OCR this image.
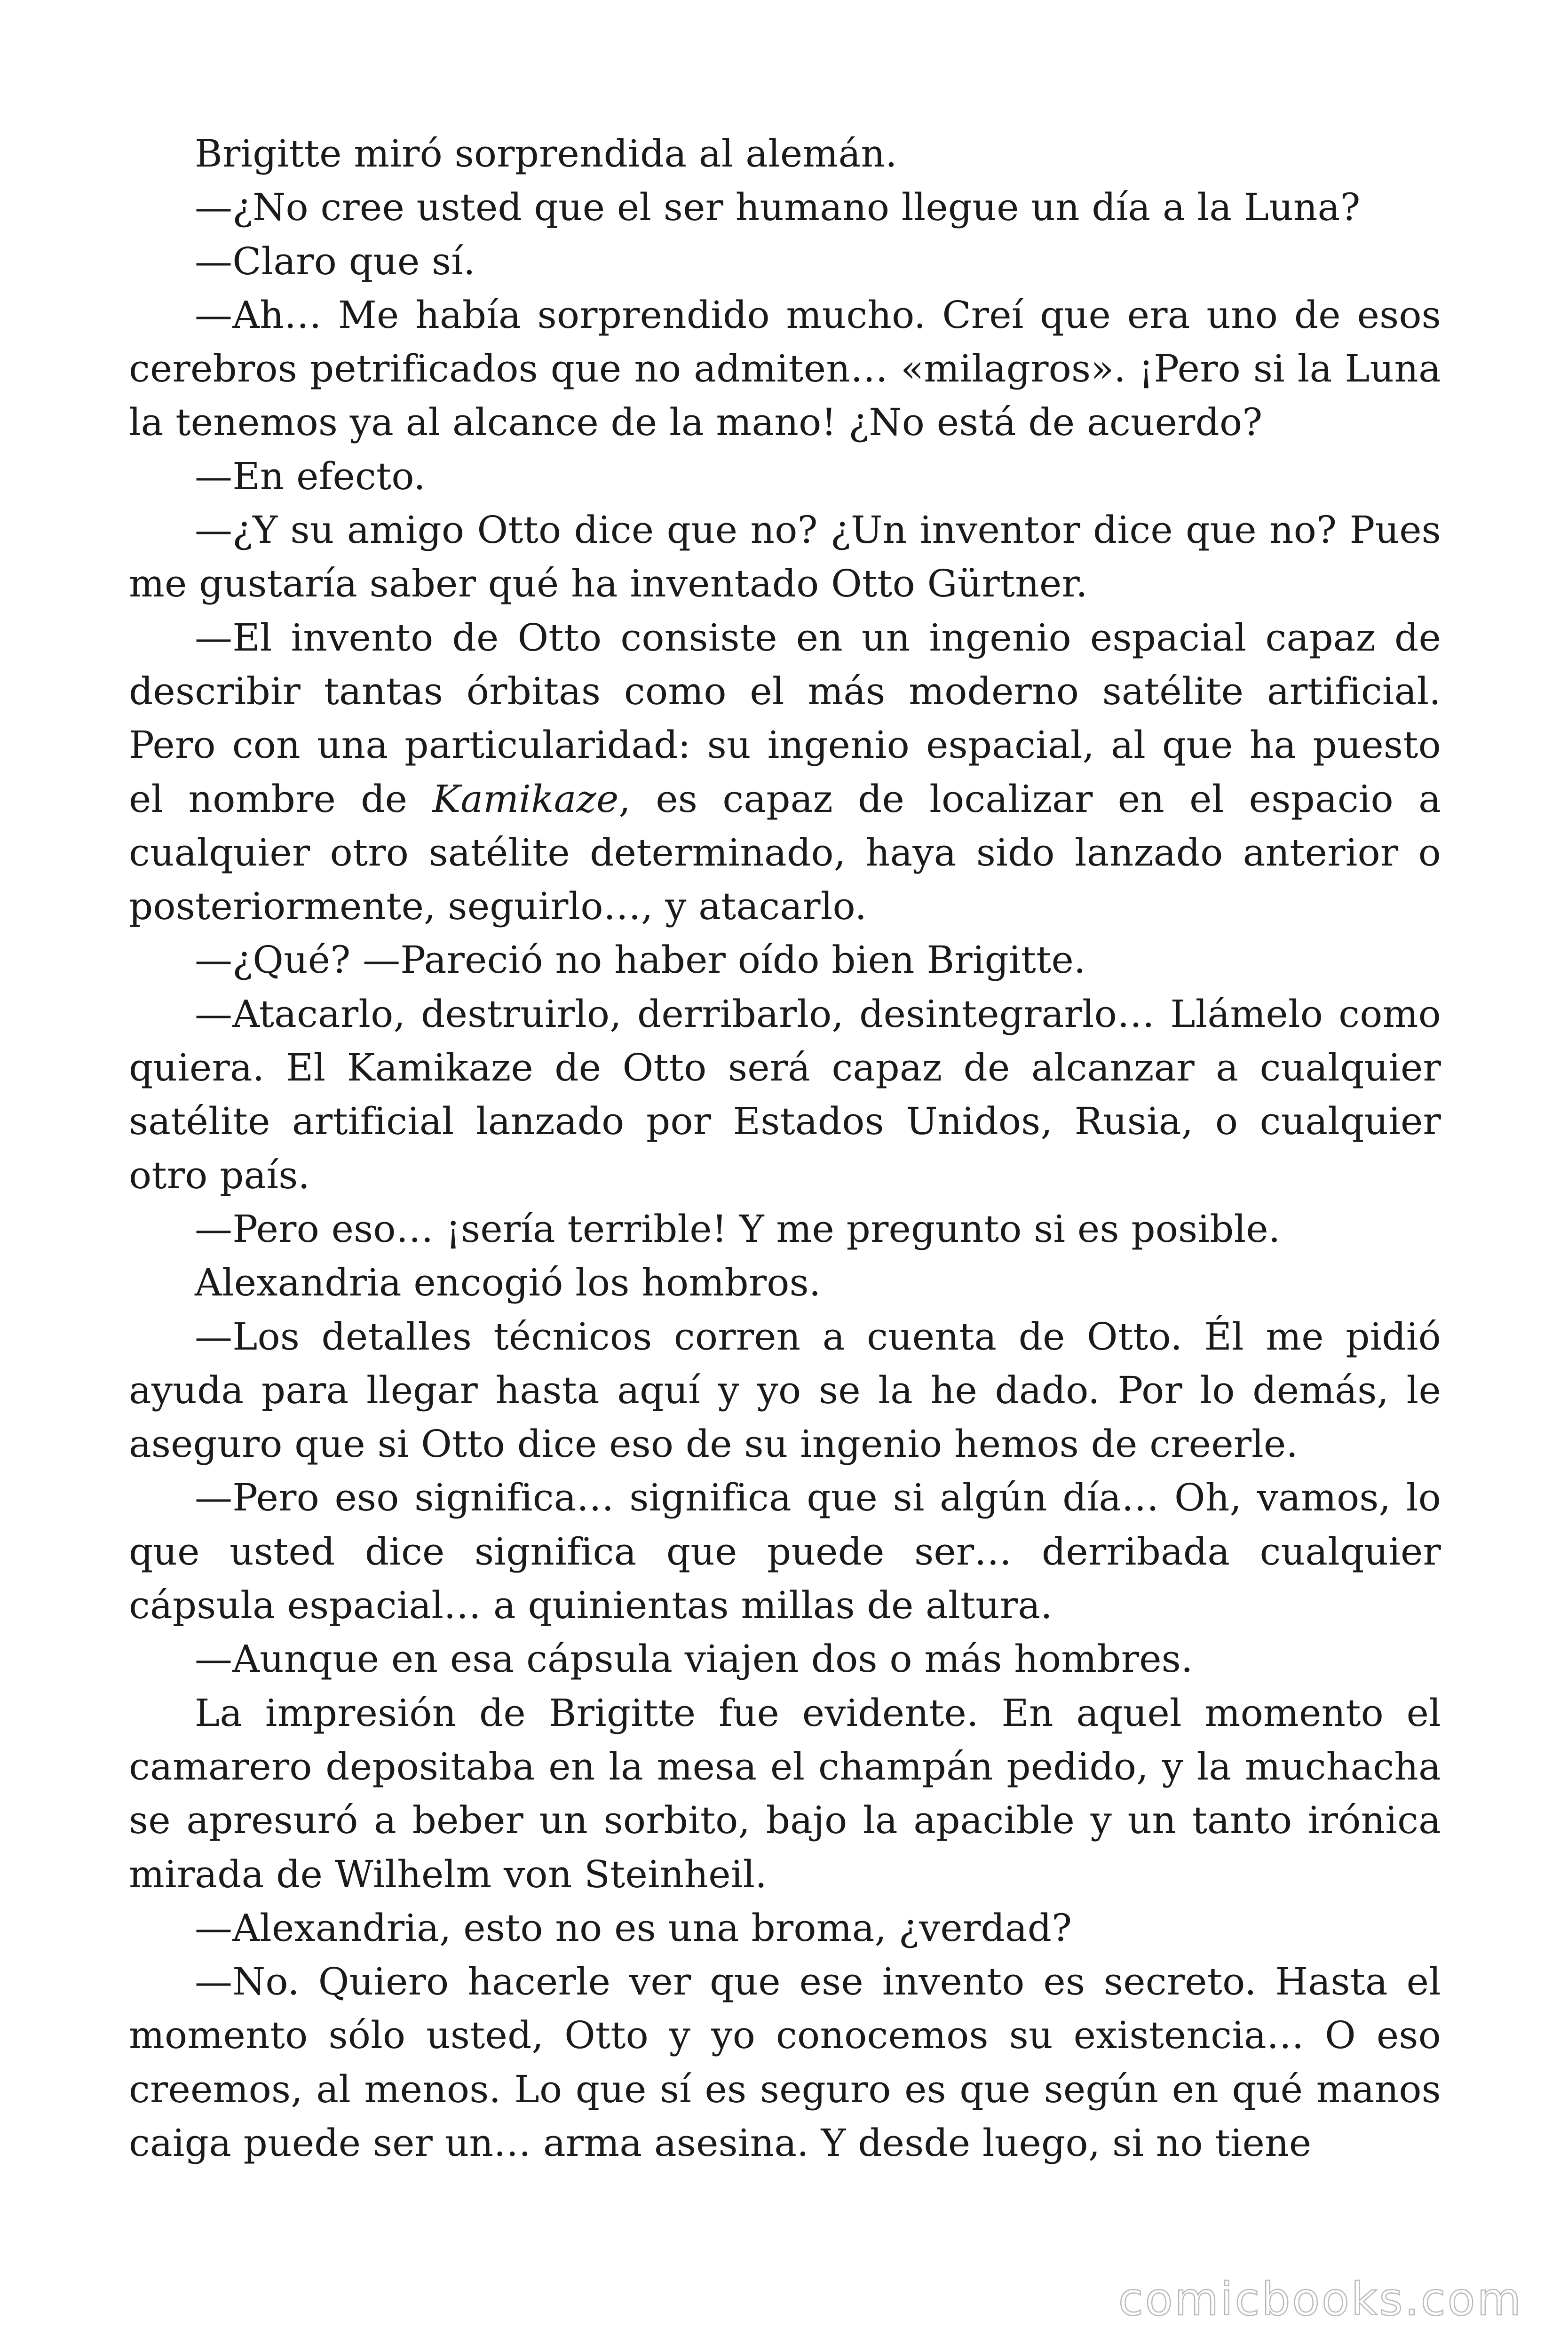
Brigitte miró sorprendida al alemán.

—¿No cree usted que el ser humano llegue un día a la Luna?

—Claro que sí.

—Ah… Me había sorprendido mucho. Creí que era uno de esos cerebros petrificados que no admiten… «milagros». ¡Pero si la Luna la tenemos ya al alcance de la mano! ¿No está de acuerdo?

—En efecto.

—¿Y su amigo Otto dice que no? ¿Un inventor dice que no? Pues me gustaría saber qué ha inventado Otto Gürtner.

—El invento de Otto consiste en un ingenio espacial capaz de describir tantas órbitas como el más moderno satélite artificial. Pero con una particularidad: su ingenio espacial, al que ha puesto el nombre de Kamikaze, es capaz de localizar en el espacio a cualquier otro satélite determinado, haya sido lanzado anterior o posteriormente, seguirlo…, y atacarlo.

—¿Qué? —Pareció no haber oído bien Brigitte.

—Atacarlo, destruirlo, derribarlo, desintegrarlo… Llámelo como quiera. El Kamikaze de Otto será capaz de alcanzar a cualquier satélite artificial lanzado por Estados Unidos, Rusia, o cualquier otro país.

—Pero eso… ¡sería terrible! Y me pregunto si es posible.

Alexandria encogió los hombros.

—Los detalles técnicos corren a cuenta de Otto. Él me pidió ayuda para llegar hasta aquí y yo se la he dado. Por lo demás, le aseguro que si Otto dice eso de su ingenio hemos de creerle.

—Pero eso significa… significa que si algún día… Oh, vamos, lo que usted dice significa que puede ser… derribada cualquier cápsula espacial… a quinientas millas de altura.

—Aunque en esa cápsula viajen dos o más hombres.

La impresión de Brigitte fue evidente. En aquel momento el camarero depositaba en la mesa el champán pedido, y la muchacha se apresuró a beber un sorbito, bajo la apacible y un tanto irónica mirada de Wilhelm von Steinheil.

—Alexandria, esto no es una broma, ¿verdad?

—No. Quiero hacerle ver que ese invento es secreto. Hasta el momento sólo usted, Otto y yo conocemos su existencia… O eso creemos, al menos. Lo que sí es seguro es que según en qué manos caiga puede ser un… arma asesina. Y desde luego, si no tiene

comicbooks.com
